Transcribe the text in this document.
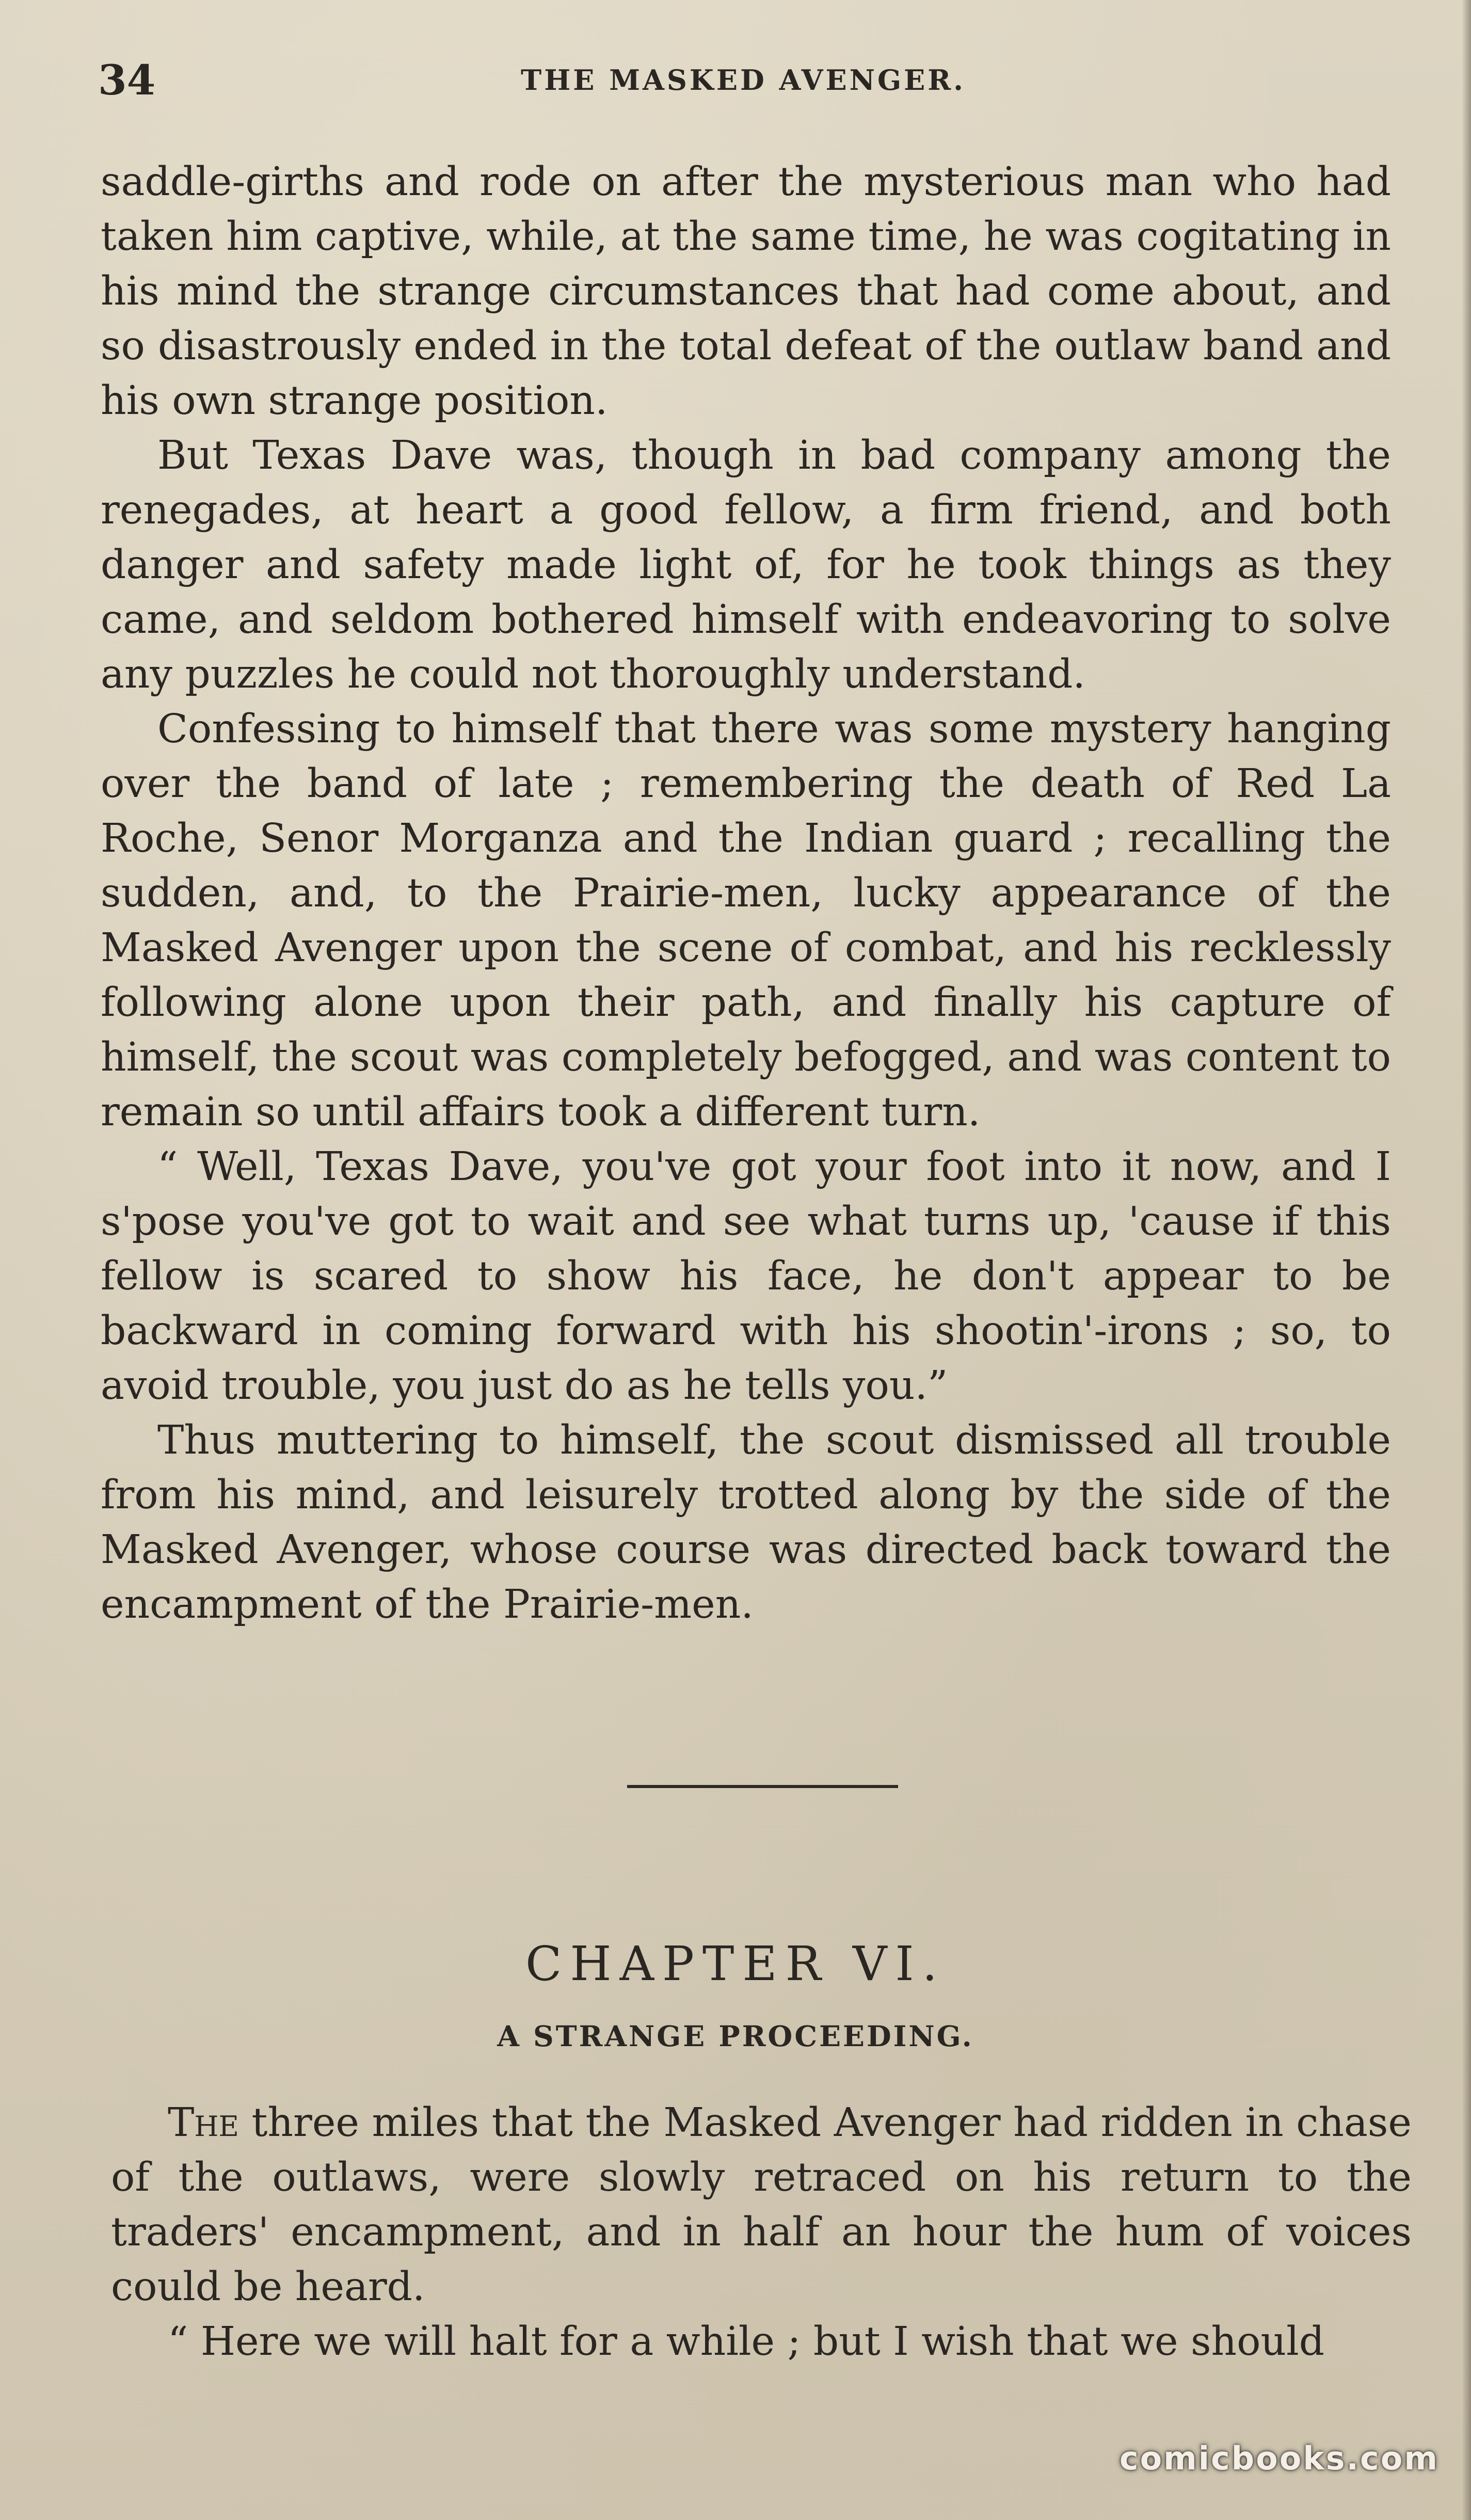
34	THE MASKED AVENGER.

saddle-girths and rode on after the mysterious man who had taken him captive, while, at the same time, he was cogitating in his mind the strange circumstances that had come about, and so disastrously ended in the total defeat of the outlaw band and his own strange position.

But Texas Dave was, though in bad company among the renegades, at heart a good fellow, a firm friend, and both danger and safety made light of, for he took things as they came, and seldom bothered himself with endeavoring to solve any puzzles he could not thoroughly understand.

Confessing to himself that there was some mystery hanging over the band of late ; remembering the death of Red La Roche, Senor Morganza and the Indian guard ; recalling the sudden, and, to the Prairie-men, lucky appearance of the Masked Avenger upon the scene of combat, and his recklessly following alone upon their path, and finally his capture of himself, the scout was completely befogged, and was content to remain so until affairs took a different turn.

“ Well, Texas Dave, you've got your foot into it now, and I s'pose you've got to wait and see what turns up, 'cause if this fellow is scared to show his face, he don't appear to be backward in coming forward with his shootin'-irons ; so, to avoid trouble, you just do as he tells you.”

Thus muttering to himself, the scout dismissed all trouble from his mind, and leisurely trotted along by the side of the Masked Avenger, whose course was directed back toward the encampment of the Prairie-men.

CHAPTER VI.
A STRANGE PROCEEDING.

The three miles that the Masked Avenger had ridden in chase of the outlaws, were slowly retraced on his return to the traders' encampment, and in half an hour the hum of voices could be heard.

“ Here we will halt for a while ; but I wish that we should

comicbooks.com
